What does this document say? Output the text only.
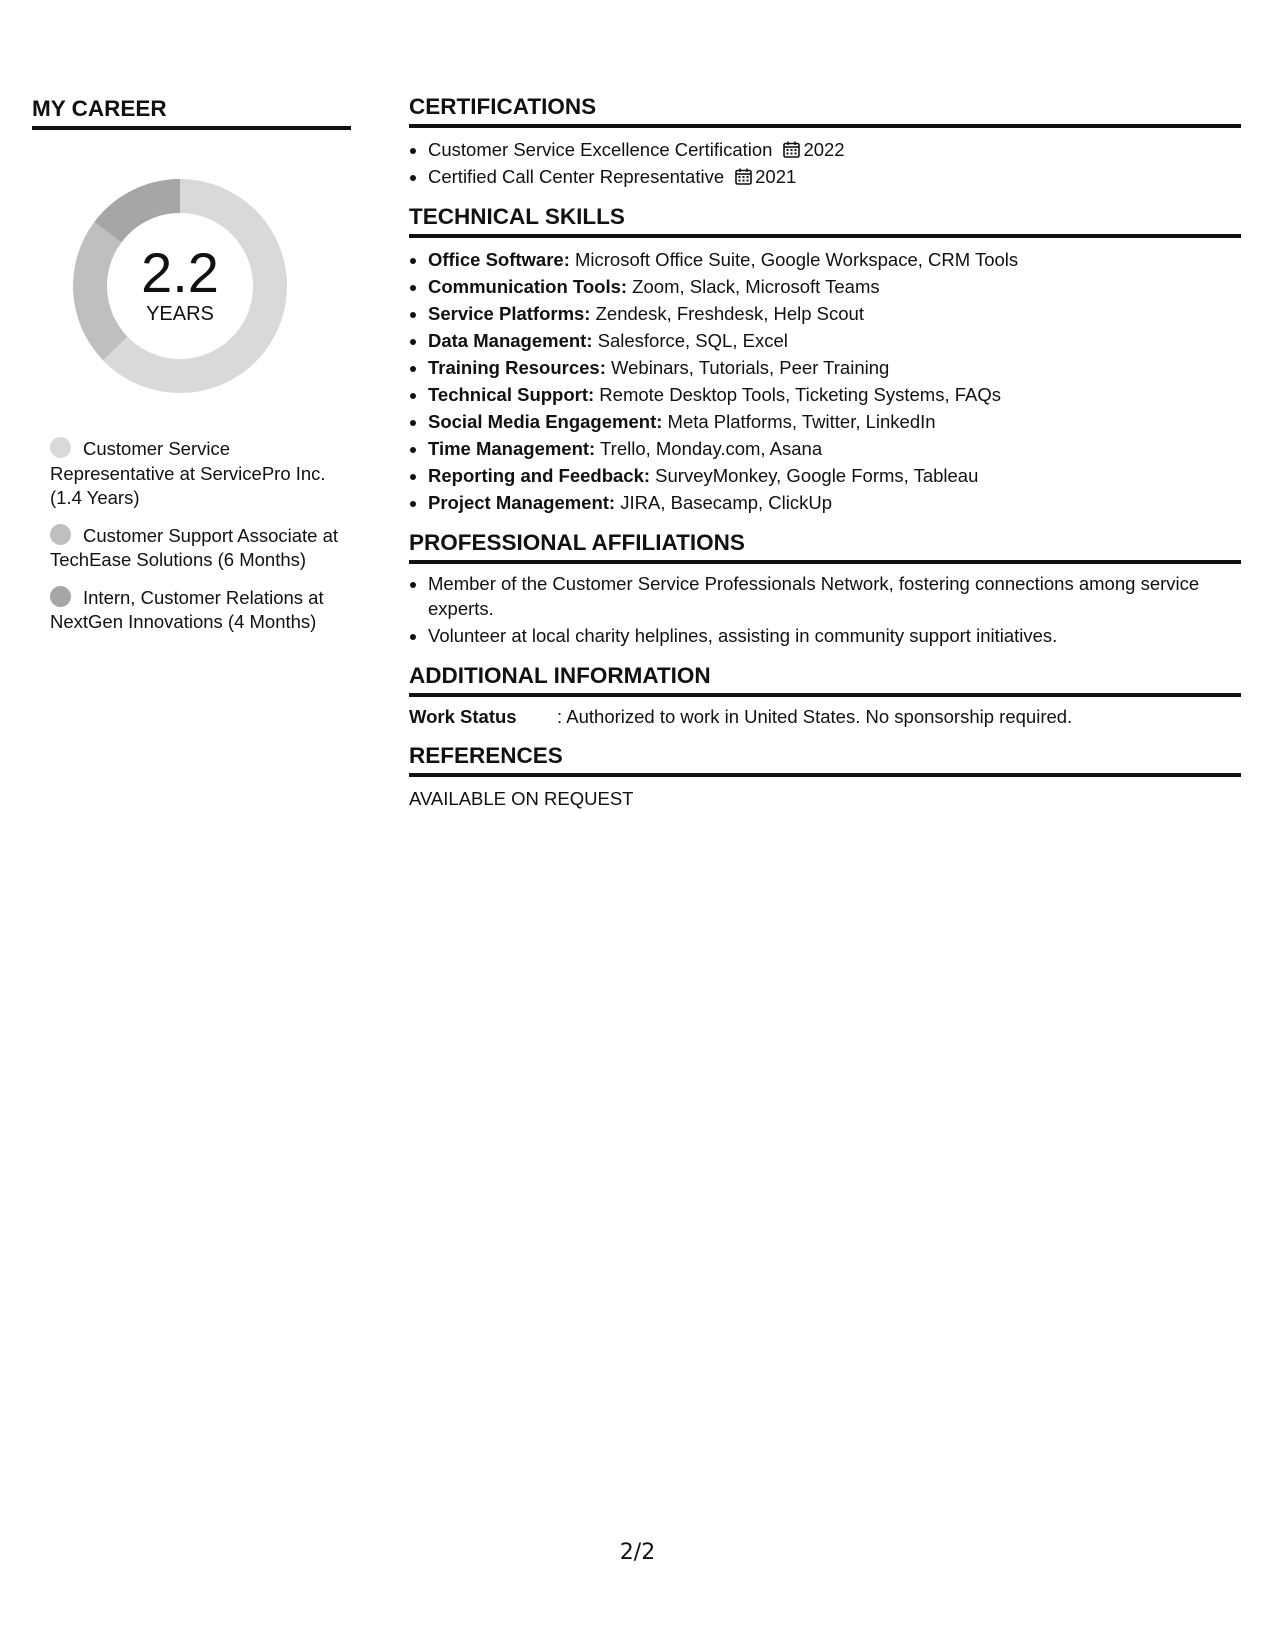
MY CAREER
2.2
YEARS
Customer Service Representative at ServicePro Inc. (1.4 Years)
Customer Support Associate at TechEase Solutions (6 Months)
Intern, Customer Relations at NextGen Innovations (4 Months)
CERTIFICATIONS
• Customer Service Excellence Certification 2022
• Certified Call Center Representative 2021
TECHNICAL SKILLS
• Office Software: Microsoft Office Suite, Google Workspace, CRM Tools
• Communication Tools: Zoom, Slack, Microsoft Teams
• Service Platforms: Zendesk, Freshdesk, Help Scout
• Data Management: Salesforce, SQL, Excel
• Training Resources: Webinars, Tutorials, Peer Training
• Technical Support: Remote Desktop Tools, Ticketing Systems, FAQs
• Social Media Engagement: Meta Platforms, Twitter, LinkedIn
• Time Management: Trello, Monday.com, Asana
• Reporting and Feedback: SurveyMonkey, Google Forms, Tableau
• Project Management: JIRA, Basecamp, ClickUp
PROFESSIONAL AFFILIATIONS
• Member of the Customer Service Professionals Network, fostering connections among service experts.
• Volunteer at local charity helplines, assisting in community support initiatives.
ADDITIONAL INFORMATION
Work Status : Authorized to work in United States. No sponsorship required.
REFERENCES
AVAILABLE ON REQUEST
2/2
